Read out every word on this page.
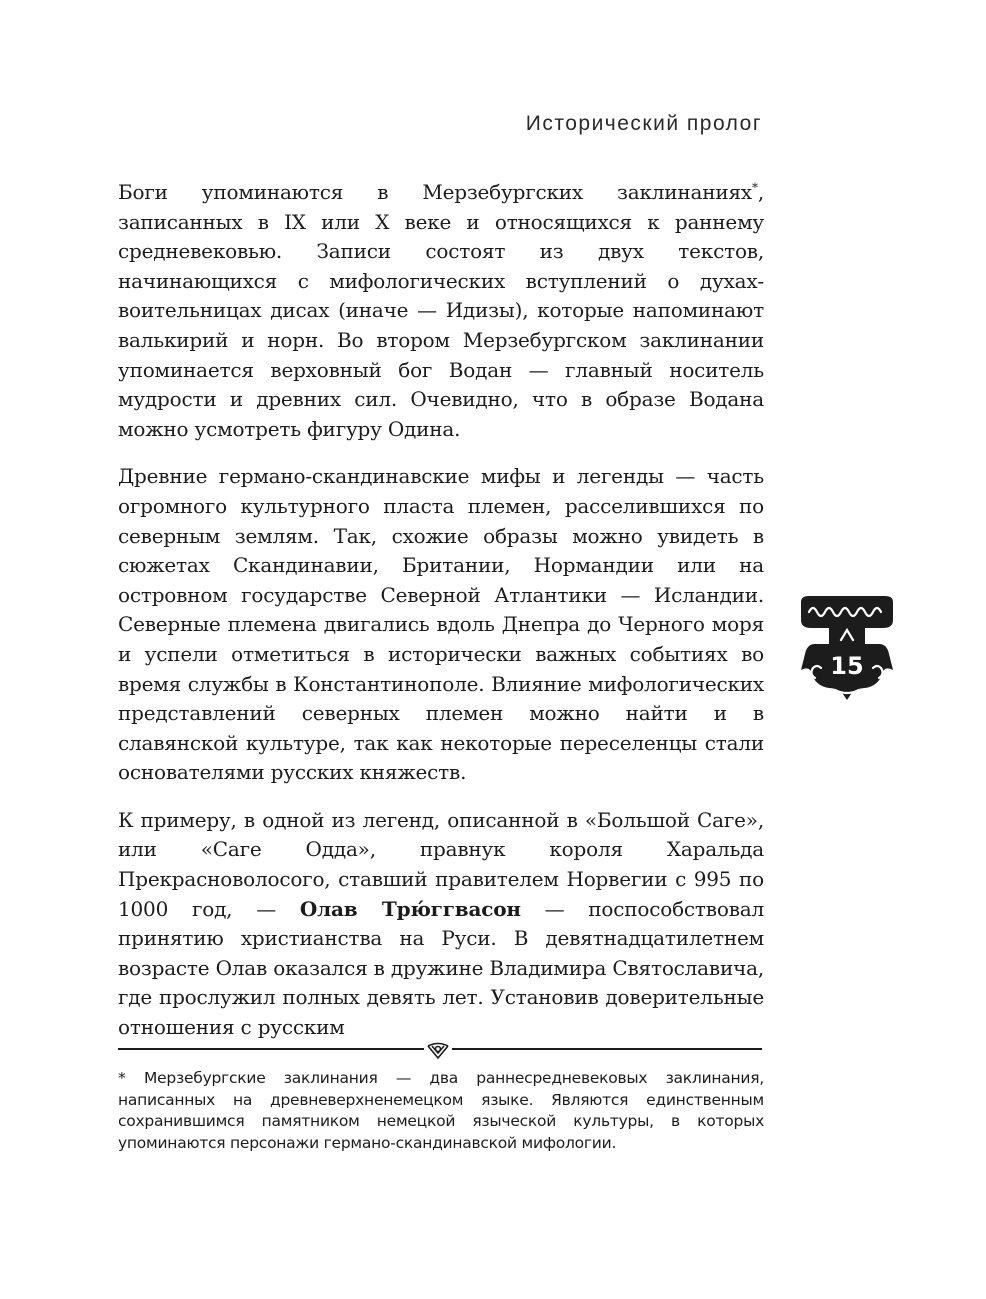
Исторический пролог

Боги упоминаются в Мерзебургских заклинаниях*, записанных в IX или X веке и относящихся к раннему средневековью. Записи состоят из двух текстов, начинающихся с мифологических вступлений о духах-воительницах дисах (иначе — Идизы), которые напоминают валькирий и норн. Во втором Мерзебургском заклинании упоминается верховный бог Водан — главный носитель мудрости и древних сил. Очевидно, что в образе Водана можно усмотреть фигуру Одина.

Древние германо-скандинавские мифы и легенды — часть огромного культурного пласта племен, расселившихся по северным землям. Так, схожие образы можно увидеть в сюжетах Скандинавии, Британии, Нормандии или на островном государстве Северной Атлантики — Исландии. Северные племена двигались вдоль Днепра до Черного моря и успели отметиться в исторически важных событиях во время службы в Константинополе. Влияние мифологических представлений северных племен можно найти и в славянской культуре, так как некоторые переселенцы стали основателями русских княжеств.

К примеру, в одной из легенд, описанной в «Большой Саге», или «Саге Одда», правнук короля Харальда Прекрасноволосого, ставший правителем Норвегии с 995 по 1000 год, — Олав Трю́ггвасон — поспособствовал принятию христианства на Руси. В девятнадцатилетнем возрасте Олав оказался в дружине Владимира Святославича, где прослужил полных девять лет. Установив доверительные отношения с русским

* Мерзебургские заклинания — два раннесредневековых заклинания, написанных на древневерхненемецком языке. Являются единственным сохранившимся памятником немецкой языческой культуры, в которых упоминаются персонажи германо-скандинавской мифологии.
15
